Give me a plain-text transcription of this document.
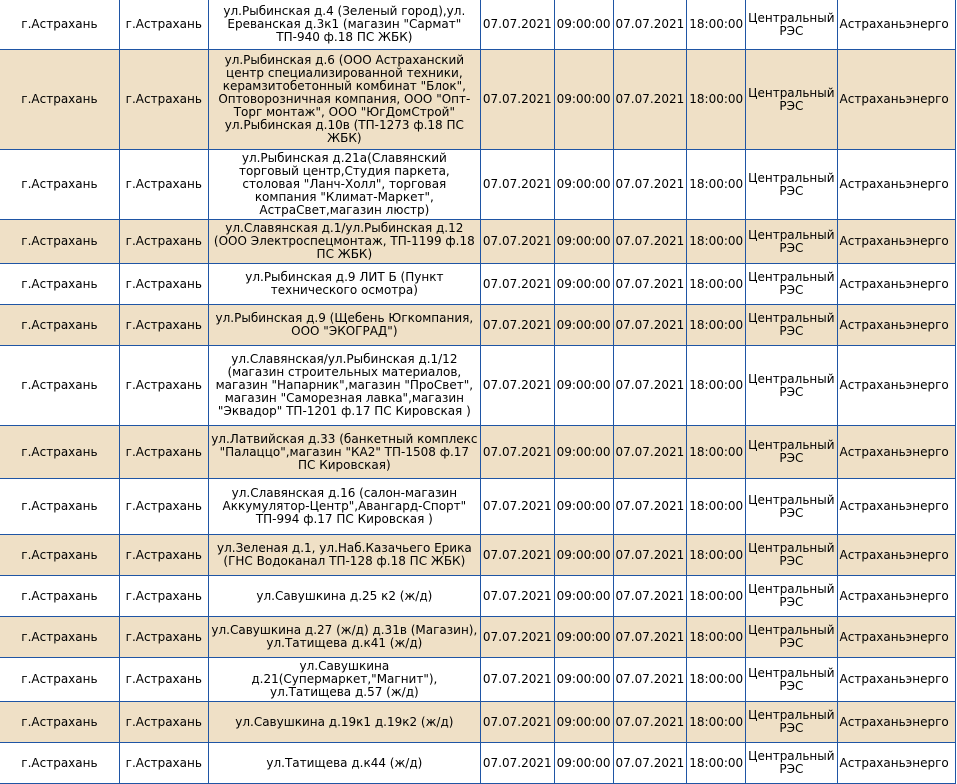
г.Астрахань	г.Астрахань	ул.Рыбинская д.4 (Зеленый город),ул. Ереванская д.3к1 (магазин "Сармат" ТП-940 ф.18 ПС ЖБК)	07.07.2021	09:00:00	07.07.2021	18:00:00	Центральный РЭС	Астраханьэнерго
г.Астрахань	г.Астрахань	ул.Рыбинская д.6 (ООО Астраханский центр специализированной техники, керамзитобетонный комбинат "Блок", Оптоворозничная компания, ООО "Опт-Торг монтаж", ООО "ЮгДомСтрой" ул.Рыбинская д.10в (ТП-1273 ф.18 ПС ЖБК)	07.07.2021	09:00:00	07.07.2021	18:00:00	Центральный РЭС	Астраханьэнерго
г.Астрахань	г.Астрахань	ул.Рыбинская д.21а(Славянский торговый центр,Студия паркета, столовая "Ланч-Холл", торговая компания "Климат-Маркет", АстраСвет,магазин люстр)	07.07.2021	09:00:00	07.07.2021	18:00:00	Центральный РЭС	Астраханьэнерго
г.Астрахань	г.Астрахань	ул.Славянская д.1/ул.Рыбинская д.12 (ООО Электроспецмонтаж, ТП-1199 ф.18 ПС ЖБК)	07.07.2021	09:00:00	07.07.2021	18:00:00	Центральный РЭС	Астраханьэнерго
г.Астрахань	г.Астрахань	ул.Рыбинская д.9 ЛИТ Б (Пункт технического осмотра)	07.07.2021	09:00:00	07.07.2021	18:00:00	Центральный РЭС	Астраханьэнерго
г.Астрахань	г.Астрахань	ул.Рыбинская д.9 (Щебень Югкомпания, ООО "ЭКОГРАД")	07.07.2021	09:00:00	07.07.2021	18:00:00	Центральный РЭС	Астраханьэнерго
г.Астрахань	г.Астрахань	ул.Славянская/ул.Рыбинская д.1/12 (магазин строительных материалов, магазин "Напарник",магазин "ПроСвет", магазин "Саморезная лавка",магазин "Эквадор" ТП-1201 ф.17 ПС Кировская )	07.07.2021	09:00:00	07.07.2021	18:00:00	Центральный РЭС	Астраханьэнерго
г.Астрахань	г.Астрахань	ул.Латвийская д.33 (банкетный комплекс "Палаццо",магазин "КА2" ТП-1508 ф.17 ПС Кировская)	07.07.2021	09:00:00	07.07.2021	18:00:00	Центральный РЭС	Астраханьэнерго
г.Астрахань	г.Астрахань	ул.Славянская д.16 (салон-магазин Аккумулятор-Центр",Авангард-Спорт" ТП-994 ф.17 ПС Кировская )	07.07.2021	09:00:00	07.07.2021	18:00:00	Центральный РЭС	Астраханьэнерго
г.Астрахань	г.Астрахань	ул.Зеленая д.1, ул.Наб.Казачьего Ерика (ГНС Водоканал ТП-128 ф.18 ПС ЖБК)	07.07.2021	09:00:00	07.07.2021	18:00:00	Центральный РЭС	Астраханьэнерго
г.Астрахань	г.Астрахань	ул.Савушкина д.25 к2 (ж/д)	07.07.2021	09:00:00	07.07.2021	18:00:00	Центральный РЭС	Астраханьэнерго
г.Астрахань	г.Астрахань	ул.Савушкина д.27 (ж/д) д.31в (Магазин), ул.Татищева д.к41 (ж/д)	07.07.2021	09:00:00	07.07.2021	18:00:00	Центральный РЭС	Астраханьэнерго
г.Астрахань	г.Астрахань	ул.Савушкина д.21(Супермаркет,"Магнит"), ул.Татищева д.57 (ж/д)	07.07.2021	09:00:00	07.07.2021	18:00:00	Центральный РЭС	Астраханьэнерго
г.Астрахань	г.Астрахань	ул.Савушкина д.19к1 д.19к2 (ж/д)	07.07.2021	09:00:00	07.07.2021	18:00:00	Центральный РЭС	Астраханьэнерго
г.Астрахань	г.Астрахань	ул.Татищева д.к44 (ж/д)	07.07.2021	09:00:00	07.07.2021	18:00:00	Центральный РЭС	Астраханьэнерго
